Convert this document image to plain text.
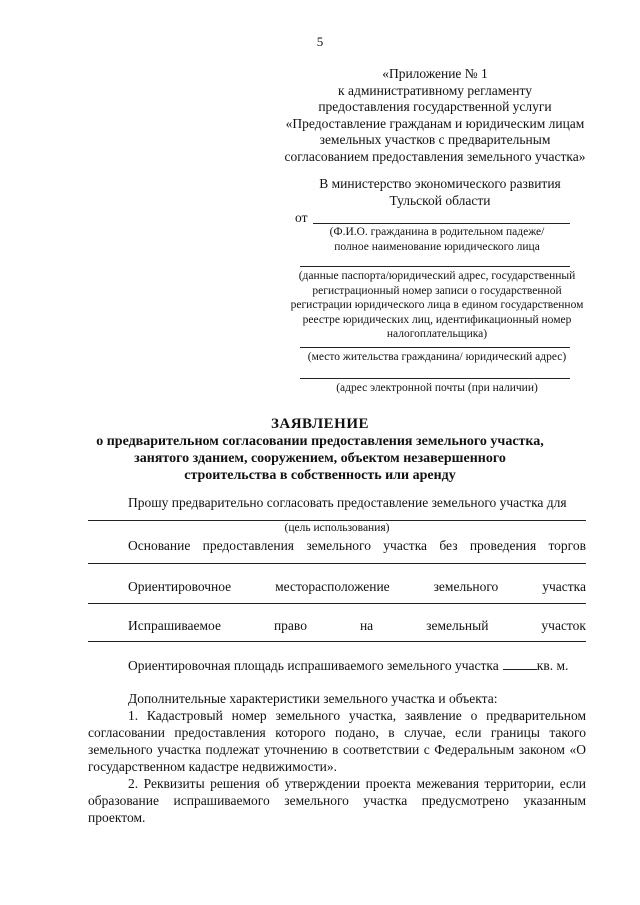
5
«Приложение № 1
к административному регламенту
предоставления государственной услуги
«Предоставление гражданам и юридическим лицам
земельных участков с предварительным
согласованием предоставления земельного участка»
В министерство экономического развития
Тульской области
от
(Ф.И.О. гражданина в родительном падеже/
полное наименование юридического лица
(данные паспорта/юридический адрес, государственный
регистрационный номер записи о государственной
регистрации юридического лица в едином государственном
реестре юридических лиц, идентификационный номер
налогоплательщика)
(место жительства гражданина/ юридический адрес)
(адрес электронной почты (при наличии)
ЗАЯВЛЕНИЕ
о предварительном согласовании предоставления земельного участка,
занятого зданием, сооружением, объектом незавершенного
строительства в собственность или аренду
Прошу предварительно согласовать предоставление земельного участка для
(цель использования)
Основание предоставления земельного участка без проведения торгов
Ориентировочное	месторасположение	земельного	участка
Испрашиваемое	право	на	земельный	участок
Ориентировочная площадь испрашиваемого земельного участка	кв. м.

Дополнительные характеристики земельного участка и объекта:

1. Кадастровый номер земельного участка, заявление о предварительном согласовании предоставления которого подано, в случае, если границы такого земельного участка подлежат уточнению в соответствии с Федеральным законом «О государственном кадастре недвижимости».

2. Реквизиты решения об утверждении проекта межевания территории, если образование испрашиваемого земельного участка предусмотрено указанным проектом.
